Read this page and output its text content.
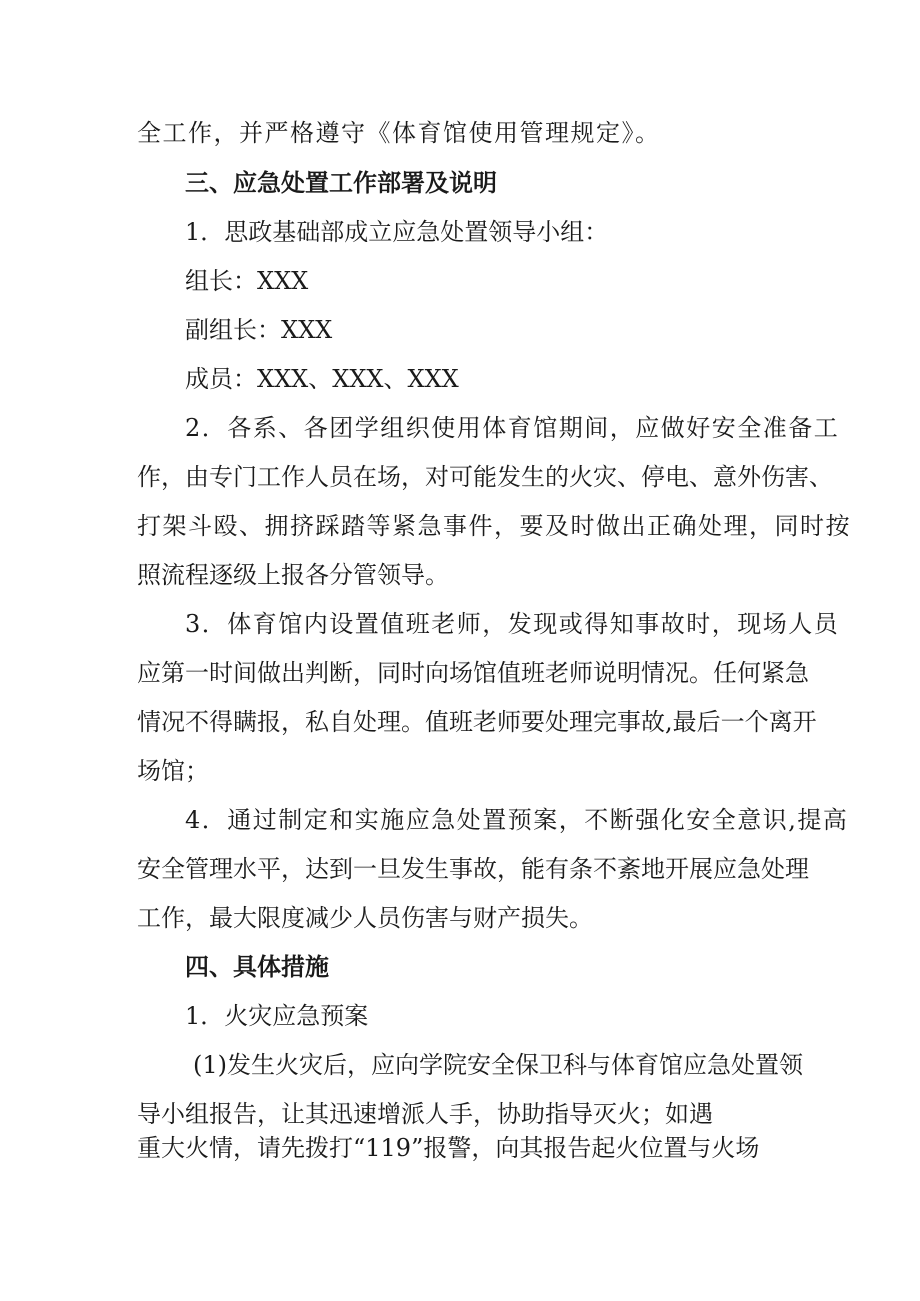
全工作，并严格遵守《体育馆使用管理规定》。
三、应急处置工作部署及说明
1．思政基础部成立应急处置领导小组：
组长：XXX
副组长：XXX
成员：XXX、XXX、XXX
2．各系、各团学组织使用体育馆期间，应做好安全准备工
作，由专门工作人员在场，对可能发生的火灾、停电、意外伤害、
打架斗殴、拥挤踩踏等紧急事件，要及时做出正确处理，同时按
照流程逐级上报各分管领导。
3．体育馆内设置值班老师，发现或得知事故时，现场人员
应第一时间做出判断，同时向场馆值班老师说明情况。任何紧急
情况不得瞒报，私自处理。值班老师要处理完事故,最后一个离开
场馆；
4．通过制定和实施应急处置预案，不断强化安全意识,提高
安全管理水平，达到一旦发生事故，能有条不紊地开展应急处理
工作，最大限度减少人员伤害与财产损失。
四、具体措施
1．火灾应急预案
(1)发生火灾后，应向学院安全保卫科与体育馆应急处置领
导小组报告，让其迅速增派人手，协助指导灭火；如遇
重大火情，请先拨打“119”报警，向其报告起火位置与火场
